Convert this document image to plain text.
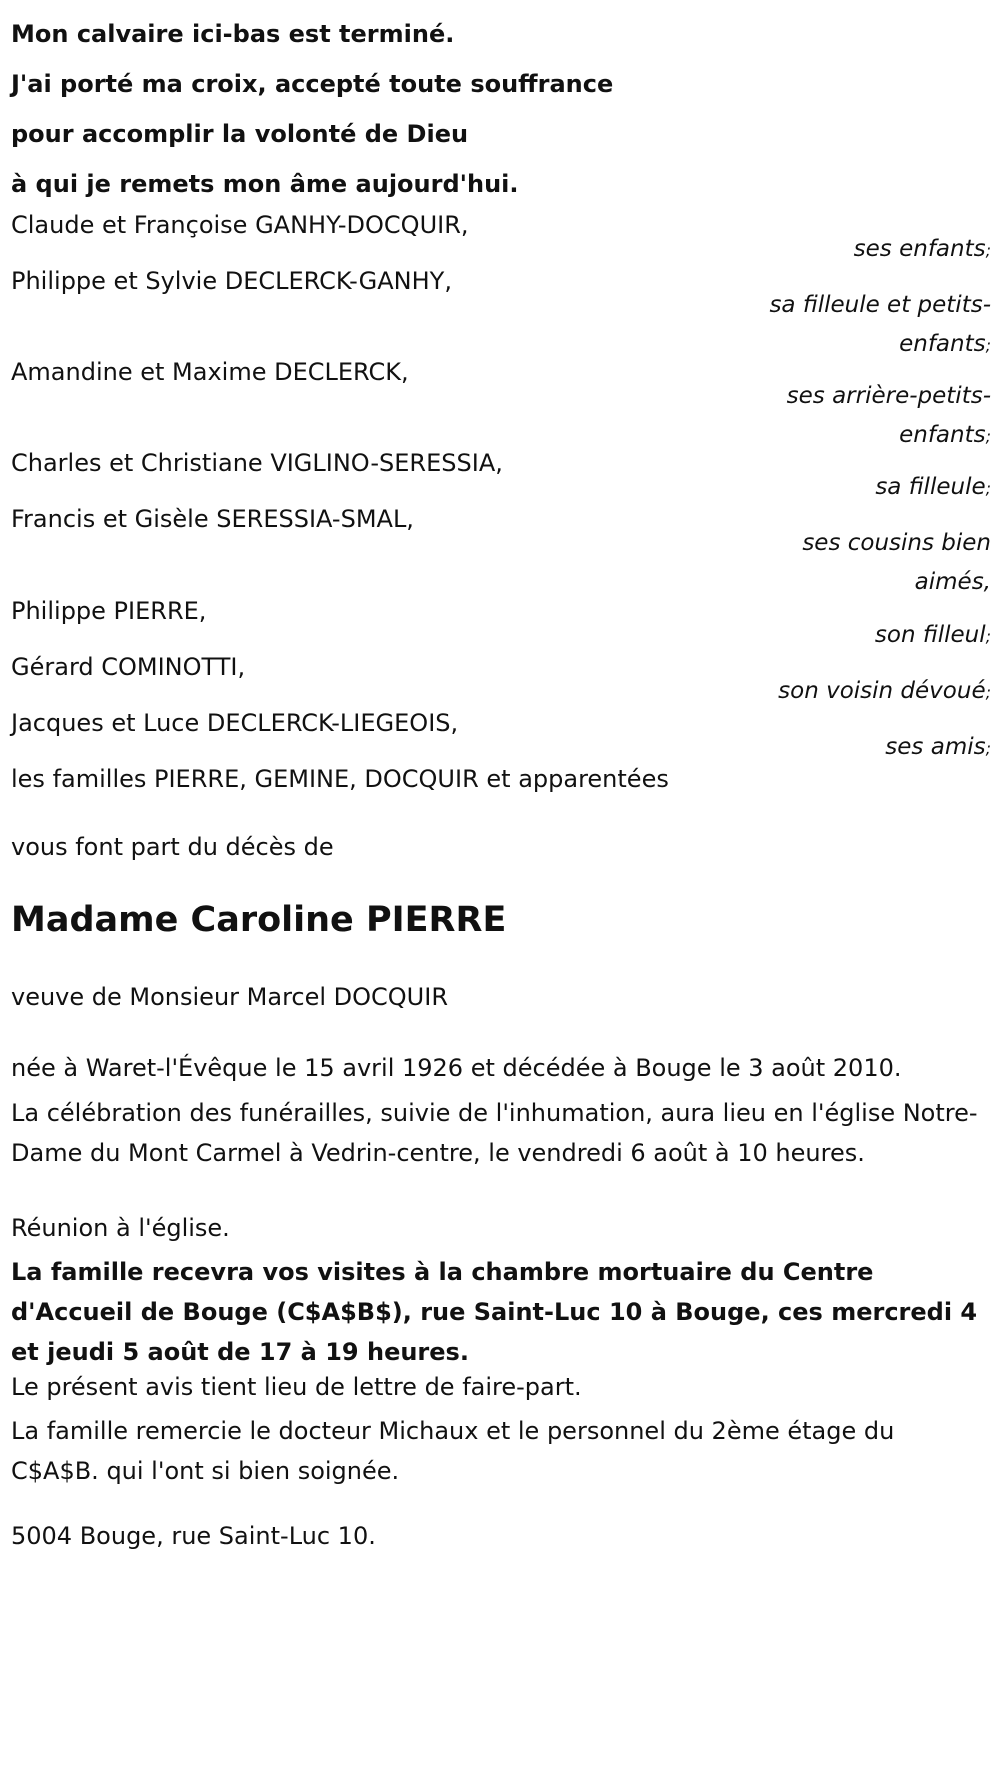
Mon calvaire ici-bas est terminé.

J'ai porté ma croix, accepté toute souffrance

pour accomplir la volonté de Dieu

à qui je remets mon âme aujourd'hui.

Claude et Françoise GANHY-DOCQUIR,
ses enfants;
Philippe et Sylvie DECLERCK-GANHY,
sa filleule et petits-
enfants;
Amandine et Maxime DECLERCK,
ses arrière-petits-
enfants;
Charles et Christiane VIGLINO-SERESSIA,
sa filleule;
Francis et Gisèle SERESSIA-SMAL,
ses cousins bien
aimés,
Philippe PIERRE,
son filleul;
Gérard COMINOTTI,
son voisin dévoué;
Jacques et Luce DECLERCK-LIEGEOIS,
ses amis;
les familles PIERRE, GEMINE, DOCQUIR et apparentées

vous font part du décès de

Madame Caroline PIERRE

veuve de Monsieur Marcel DOCQUIR

née à Waret-l'Évêque le 15 avril 1926 et décédée à Bouge le 3 août 2010.

La célébration des funérailles, suivie de l'inhumation, aura lieu en l'église Notre-Dame du Mont Carmel à Vedrin-centre, le vendredi 6 août à 10 heures.

Réunion à l'église.

La famille recevra vos visites à la chambre mortuaire du Centre d'Accueil de Bouge (C$A$B$), rue Saint-Luc 10 à Bouge, ces mercredi 4 et jeudi 5 août de 17 à 19 heures.

Le présent avis tient lieu de lettre de faire-part.

La famille remercie le docteur Michaux et le personnel du 2ème étage du C$A$B. qui l'ont si bien soignée.

5004 Bouge, rue Saint-Luc 10.
